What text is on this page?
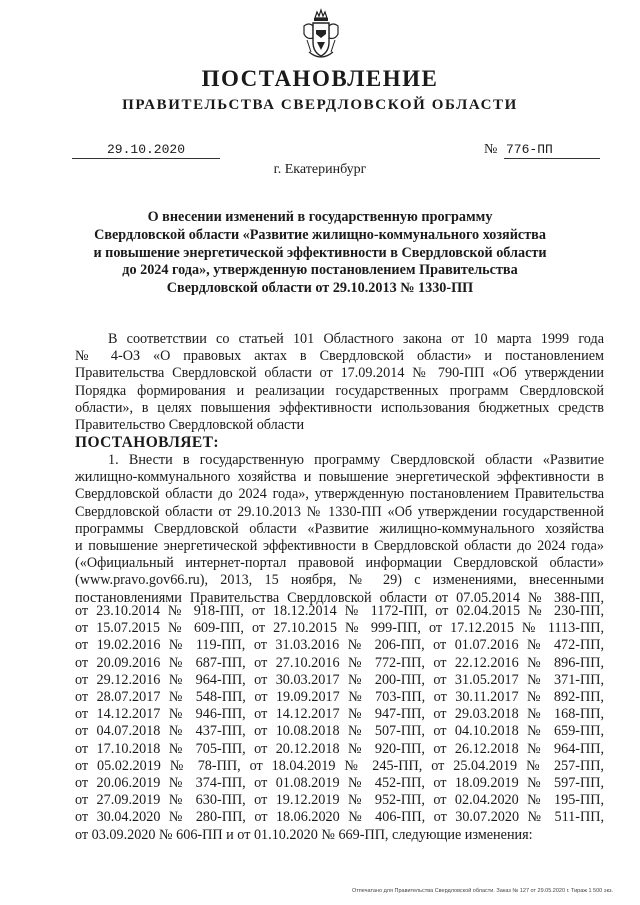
ПОСТАНОВЛЕНИЕ
ПРАВИТЕЛЬСТВА СВЕРДЛОВСКОЙ ОБЛАСТИ
29.10.2020	№ 776-ПП
г. Екатеринбург
О внесении изменений в государственную программу
Свердловской области «Развитие жилищно-коммунального хозяйства
и повышение энергетической эффективности в Свердловской области
до 2024 года», утвержденную постановлением Правительства
Свердловской области от 29.10.2013 № 1330-ПП
В соответствии со статьей 101 Областного закона от 10 марта 1999 года
№ 4-ОЗ «О правовых актах в Свердловской области» и постановлением
Правительства Свердловской области от 17.09.2014 № 790-ПП «Об утверждении
Порядка формирования и реализации государственных программ Свердловской
области», в целях повышения эффективности использования бюджетных средств
Правительство Свердловской области
ПОСТАНОВЛЯЕТ:
1. Внести в государственную программу Свердловской области «Развитие
жилищно-коммунального хозяйства и повышение энергетической эффективности в
Свердловской области до 2024 года», утвержденную постановлением Правительства
Свердловской области от 29.10.2013 № 1330-ПП «Об утверждении государственной
программы Свердловской области «Развитие жилищно-коммунального хозяйства
и повышение энергетической эффективности в Свердловской области до 2024 года»
(«Официальный интернет-портал правовой информации Свердловской области»
(www.pravo.gov66.ru), 2013, 15 ноября, № 29) с изменениями, внесенными
постановлениями Правительства Свердловской области от 07.05.2014 № 388-ПП,
от 23.10.2014 № 918-ПП, от 18.12.2014 № 1172-ПП, от 02.04.2015 № 230-ПП,
от 15.07.2015 № 609-ПП, от 27.10.2015 № 999-ПП, от 17.12.2015 № 1113-ПП,
от 19.02.2016 № 119-ПП, от 31.03.2016 № 206-ПП, от 01.07.2016 № 472-ПП,
от 20.09.2016 № 687-ПП, от 27.10.2016 № 772-ПП, от 22.12.2016 № 896-ПП,
от 29.12.2016 № 964-ПП, от 30.03.2017 № 200-ПП, от 31.05.2017 № 371-ПП,
от 28.07.2017 № 548-ПП, от 19.09.2017 № 703-ПП, от 30.11.2017 № 892-ПП,
от 14.12.2017 № 946-ПП, от 14.12.2017 № 947-ПП, от 29.03.2018 № 168-ПП,
от 04.07.2018 № 437-ПП, от 10.08.2018 № 507-ПП, от 04.10.2018 № 659-ПП,
от 17.10.2018 № 705-ПП, от 20.12.2018 № 920-ПП, от 26.12.2018 № 964-ПП,
от 05.02.2019 № 78-ПП, от 18.04.2019 № 245-ПП, от 25.04.2019 № 257-ПП,
от 20.06.2019 № 374-ПП, от 01.08.2019 № 452-ПП, от 18.09.2019 № 597-ПП,
от 27.09.2019 № 630-ПП, от 19.12.2019 № 952-ПП, от 02.04.2020 № 195-ПП,
от 30.04.2020 № 280-ПП, от 18.06.2020 № 406-ПП, от 30.07.2020 № 511-ПП,
от 03.09.2020 № 606-ПП и от 01.10.2020 № 669-ПП, следующие изменения:
Отпечатано для Правительства Свердловской области. Заказ № 127 от 29.05.2020 г. Тираж 1 500 экз.
